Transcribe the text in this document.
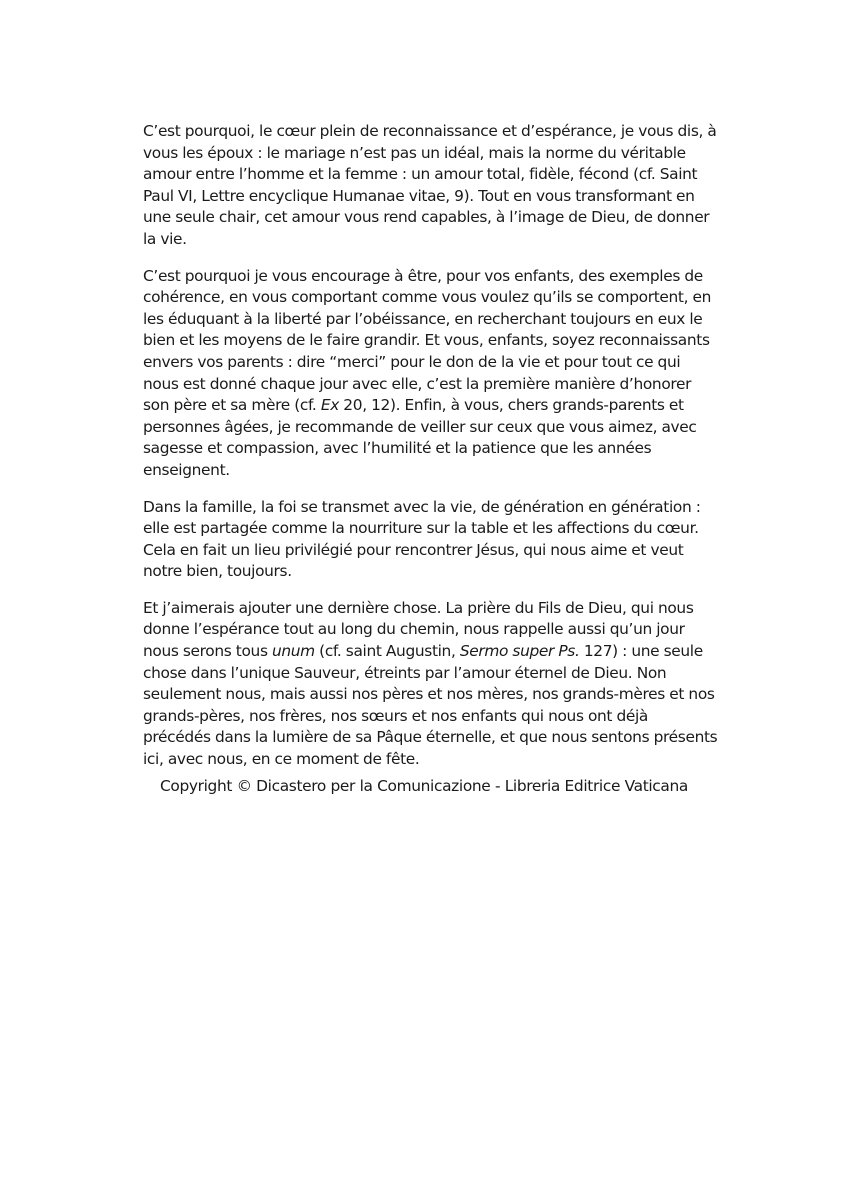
C’est pourquoi, le cœur plein de reconnaissance et d’espérance, je vous dis, à vous les époux : le mariage n’est pas un idéal, mais la norme du véritable amour entre l’homme et la femme : un amour total, fidèle, fécond (cf. Saint Paul VI, Lettre encyclique Humanae vitae, 9). Tout en vous transformant en une seule chair, cet amour vous rend capables, à l’image de Dieu, de donner la vie.

C’est pourquoi je vous encourage à être, pour vos enfants, des exemples de cohérence, en vous comportant comme vous voulez qu’ils se comportent, en les éduquant à la liberté par l’obéissance, en recherchant toujours en eux le bien et les moyens de le faire grandir. Et vous, enfants, soyez reconnaissants envers vos parents : dire “merci” pour le don de la vie et pour tout ce qui nous est donné chaque jour avec elle, c’est la première manière d’honorer son père et sa mère (cf. Ex 20, 12). Enfin, à vous, chers grands-parents et personnes âgées, je recommande de veiller sur ceux que vous aimez, avec sagesse et compassion, avec l’humilité et la patience que les années enseignent.

Dans la famille, la foi se transmet avec la vie, de génération en génération : elle est partagée comme la nourriture sur la table et les affections du cœur. Cela en fait un lieu privilégié pour rencontrer Jésus, qui nous aime et veut notre bien, toujours.

Et j’aimerais ajouter une dernière chose. La prière du Fils de Dieu, qui nous donne l’espérance tout au long du chemin, nous rappelle aussi qu’un jour nous serons tous unum (cf. saint Augustin, Sermo super Ps. 127) : une seule chose dans l’unique Sauveur, étreints par l’amour éternel de Dieu. Non seulement nous, mais aussi nos pères et nos mères, nos grands-mères et nos grands-pères, nos frères, nos sœurs et nos enfants qui nous ont déjà précédés dans la lumière de sa Pâque éternelle, et que nous sentons présents ici, avec nous, en ce moment de fête.

Copyright © Dicastero per la Comunicazione - Libreria Editrice Vaticana
